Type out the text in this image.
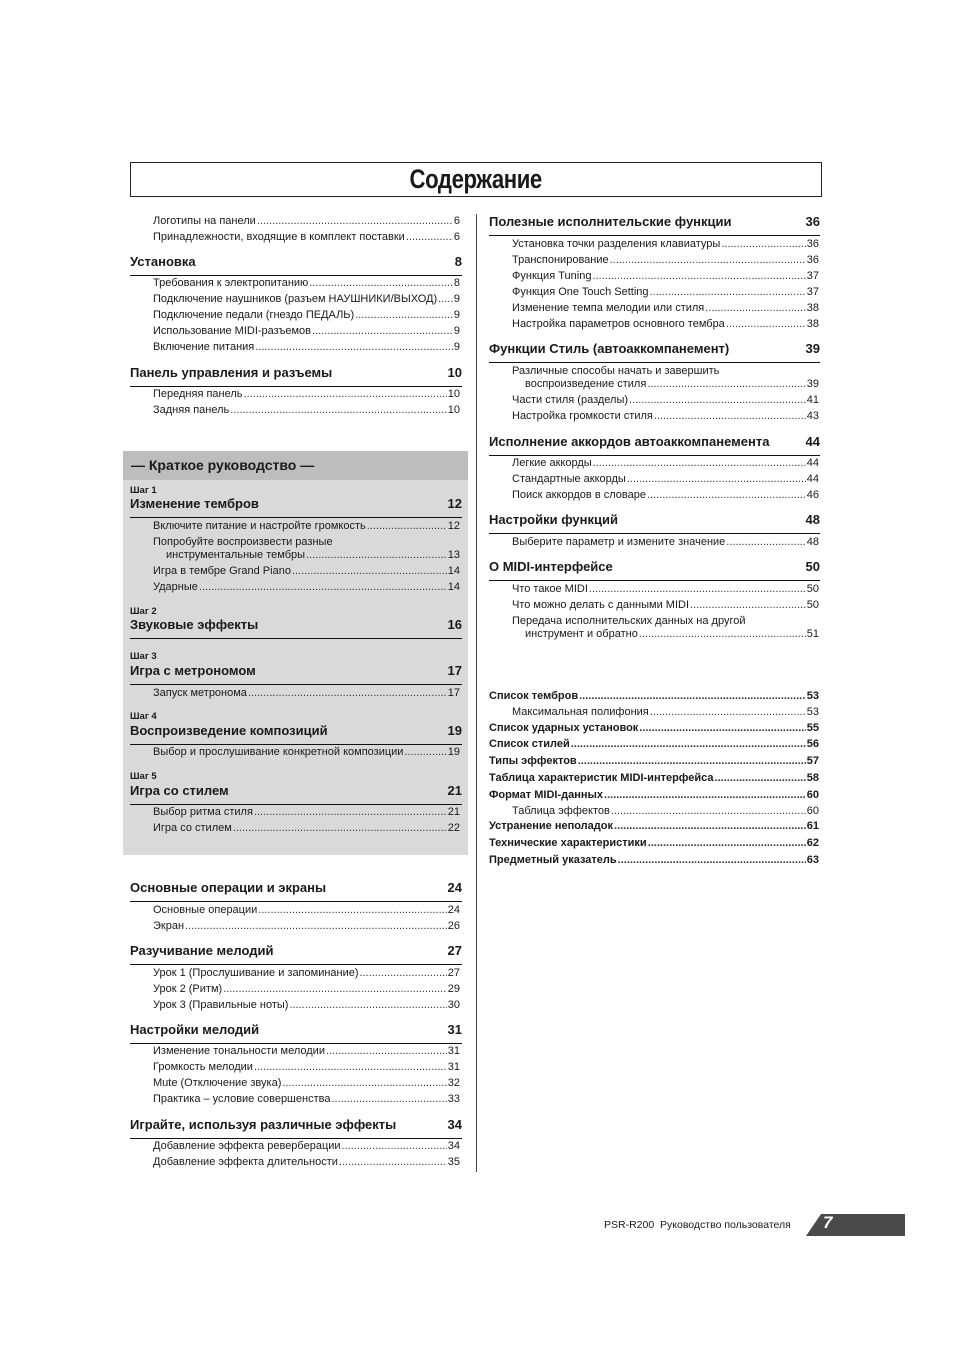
Содержание
— Краткое руководство —
Логотипы на панели .....	6
Принадлежности, входящие в комплект поставки .....	6
Установка	8
Требования к электропитанию .....	8
Подключение наушников (разъем НАУШНИКИ/ВЫХОД) ..... 9
Подключение педали (гнездо ПЕДАЛЬ) .....	9
Использование MIDI-разъемов .....	9
Включение питания .....	9
Панель управления и разъемы	10
Передняя панель .....	10
Задняя панель .....	10
Шаг 1
Изменение тембров	12
Включите питание и настройте громкость .....	12
Попробуйте воспроизвести разные
инструментальные тембры .....	13
Игра в тембре Grand Piano .....	14
Ударные .....	14
Шаг 2
Звуковые эффекты	16
Шаг 3
Игра с метрономом	17
Запуск метронома .....	17
Шаг 4
Воспроизведение композиций	19
Выбор и прослушивание конкретной композиции .....	19
Шаг 5
Игра со стилем	21
Выбор ритма стиля .....	21
Игра со стилем .....	22
Основные операции и экраны	24
Основные операции .....	24
Экран .....	26
Разучивание мелодий	27
Урок 1 (Прослушивание и запоминание) .....	27
Урок 2 (Ритм) .....	29
Урок 3 (Правильные ноты) .....	30
Настройки мелодий	31
Изменение тональности мелодии .....	31
Громкость мелодии .....	31
Mute (Отключение звука) .....	32
Практика – условие совершенства .....	33
Играйте, используя различные эффекты	34
Добавление эффекта реверберации .....	34
Добавление эффекта длительности .....	35
Полезные исполнительские функции	36
Установка точки разделения клавиатуры .....	36
Транспонирование .....	36
Функция Tuning .....	37
Функция One Touch Setting .....	37
Изменение темпа мелодии или стиля .....	38
Настройка параметров основного тембра .....	38
Функции Стиль (автоаккомпанемент)	39
Различные способы начать и завершить
воспроизведение стиля .....	39
Части стиля (разделы) .....	41
Настройка громкости стиля .....	43
Исполнение аккордов автоаккомпанемента	44
Легкие аккорды .....	44
Стандартные аккорды .....	44
Поиск аккордов в словаре .....	46
Настройки функций	48
Выберите параметр и измените значение .....	48
О MIDI-интерфейсе	50
Что такое MIDI .....	50
Что можно делать с данными MIDI .....	50
Передача исполнительских данных на другой
инструмент и обратно .....	51
Список тембров .....	53
Максимальная полифония .....	53
Список ударных установок .....	55
Список стилей .....	56
Типы эффектов .....	57
Таблица характеристик MIDI-интерфейса .....	58
Формат MIDI-данных .....	60
Таблица эффектов .....	60
Устранение неполадок .....	61
Технические характеристики .....	62
Предметный указатель .....	63
PSR-R200 Руководство пользователя 7
